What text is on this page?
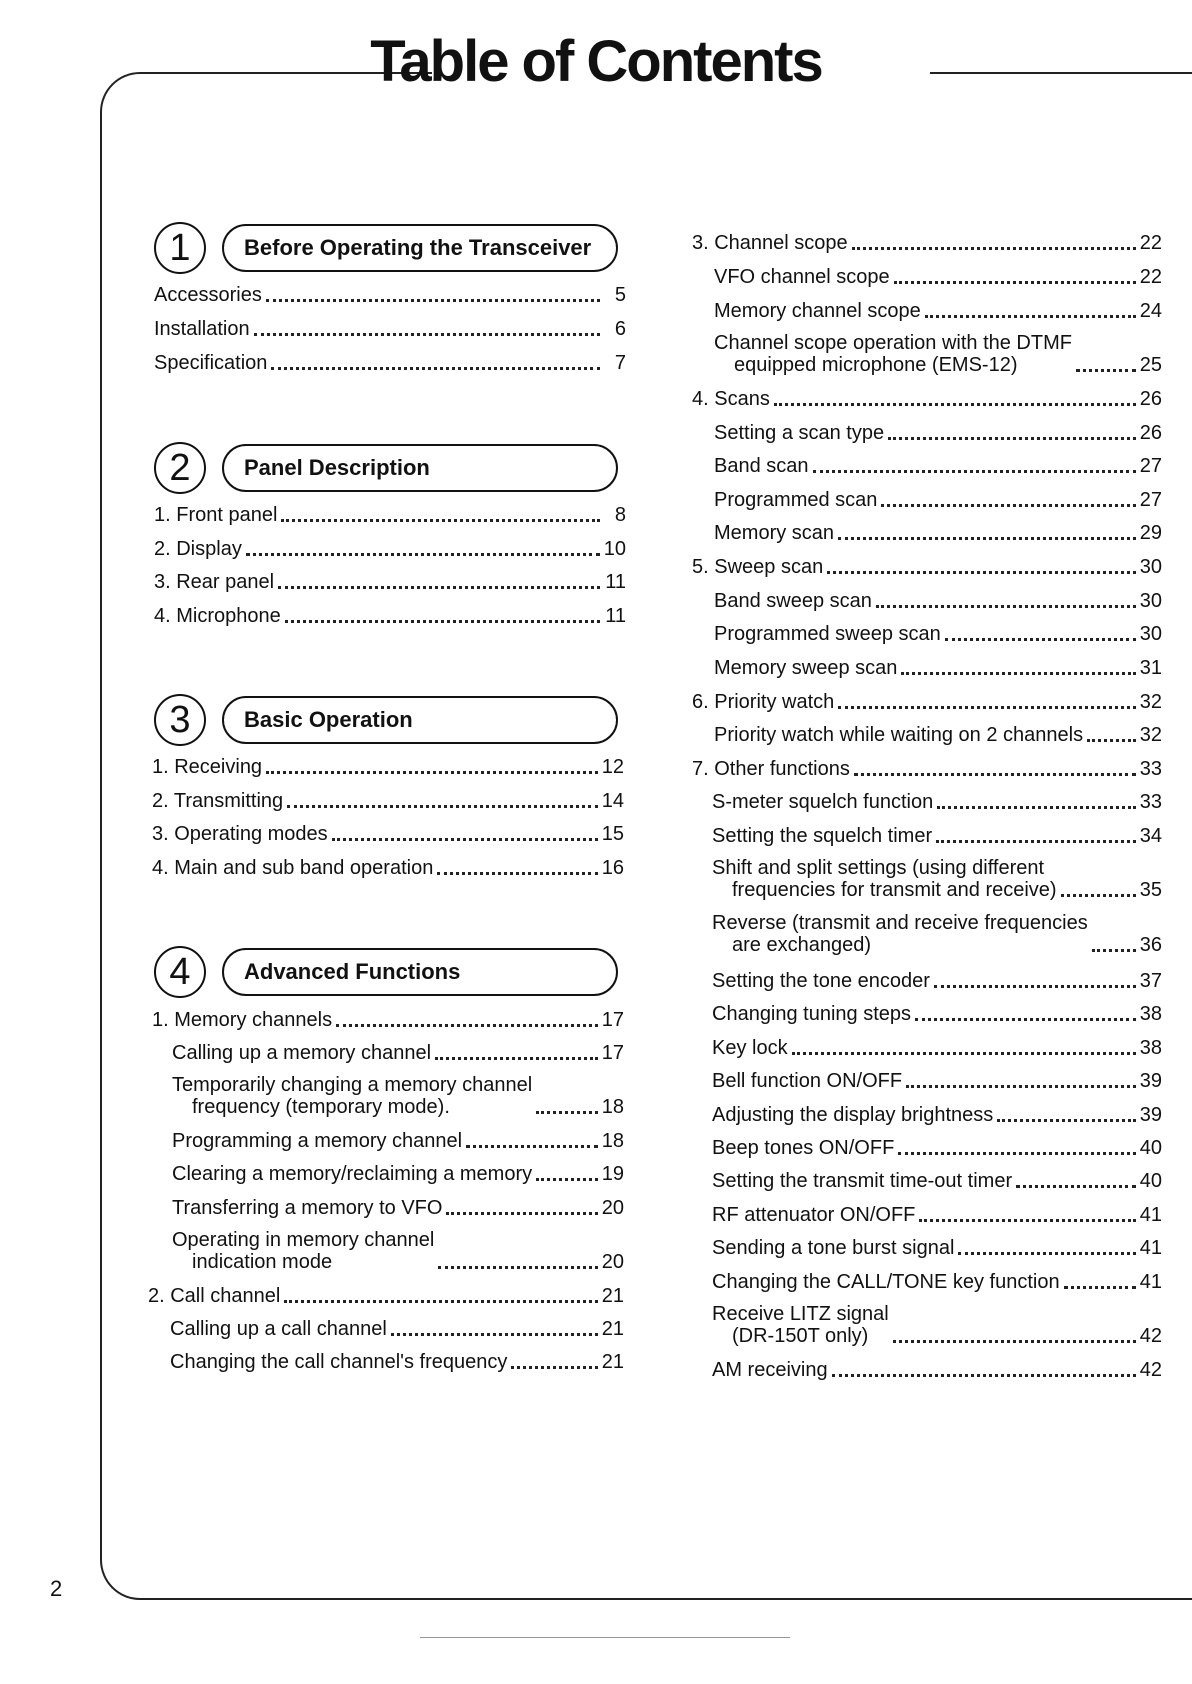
Table of Contents
1	Before Operating the Transceiver
Accessories	5
Installation	6
Specification	7
2	Panel Description
1. Front panel	8
2. Display	10
3. Rear panel	11
4. Microphone	11
3	Basic Operation
1. Receiving	12
2. Transmitting	14
3. Operating modes	15
4. Main and sub band operation	16
4	Advanced Functions
1. Memory channels	17
Calling up a memory channel	17
Temporarily changing a memory channel
frequency (temporary mode).	18
Programming a memory channel	18
Clearing a memory/reclaiming a memory	19
Transferring a memory to VFO	20
Operating in memory channel
indication mode	20
2. Call channel	21
Calling up a call channel	21
Changing the call channel's frequency	21
3. Channel scope	22
VFO channel scope	22
Memory channel scope	24
Channel scope operation with the DTMF
equipped microphone (EMS-12)	25
4. Scans	26
Setting a scan type	26
Band scan	27
Programmed scan	27
Memory scan	29
5. Sweep scan	30
Band sweep scan	30
Programmed sweep scan	30
Memory sweep scan	31
6. Priority watch	32
Priority watch while waiting on 2 channels	32
7. Other functions	33
S-meter squelch function	33
Setting the squelch timer	34
Shift and split settings (using different
frequencies for transmit and receive)	35
Reverse (transmit and receive frequencies
are exchanged)	36
Setting the tone encoder	37
Changing tuning steps	38
Key lock	38
Bell function ON/OFF	39
Adjusting the display brightness	39
Beep tones ON/OFF	40
Setting the transmit time-out timer	40
RF attenuator ON/OFF	41
Sending a tone burst signal	41
Changing the CALL/TONE key function	41
Receive LITZ signal
(DR-150T only)	42
AM receiving	42
2
